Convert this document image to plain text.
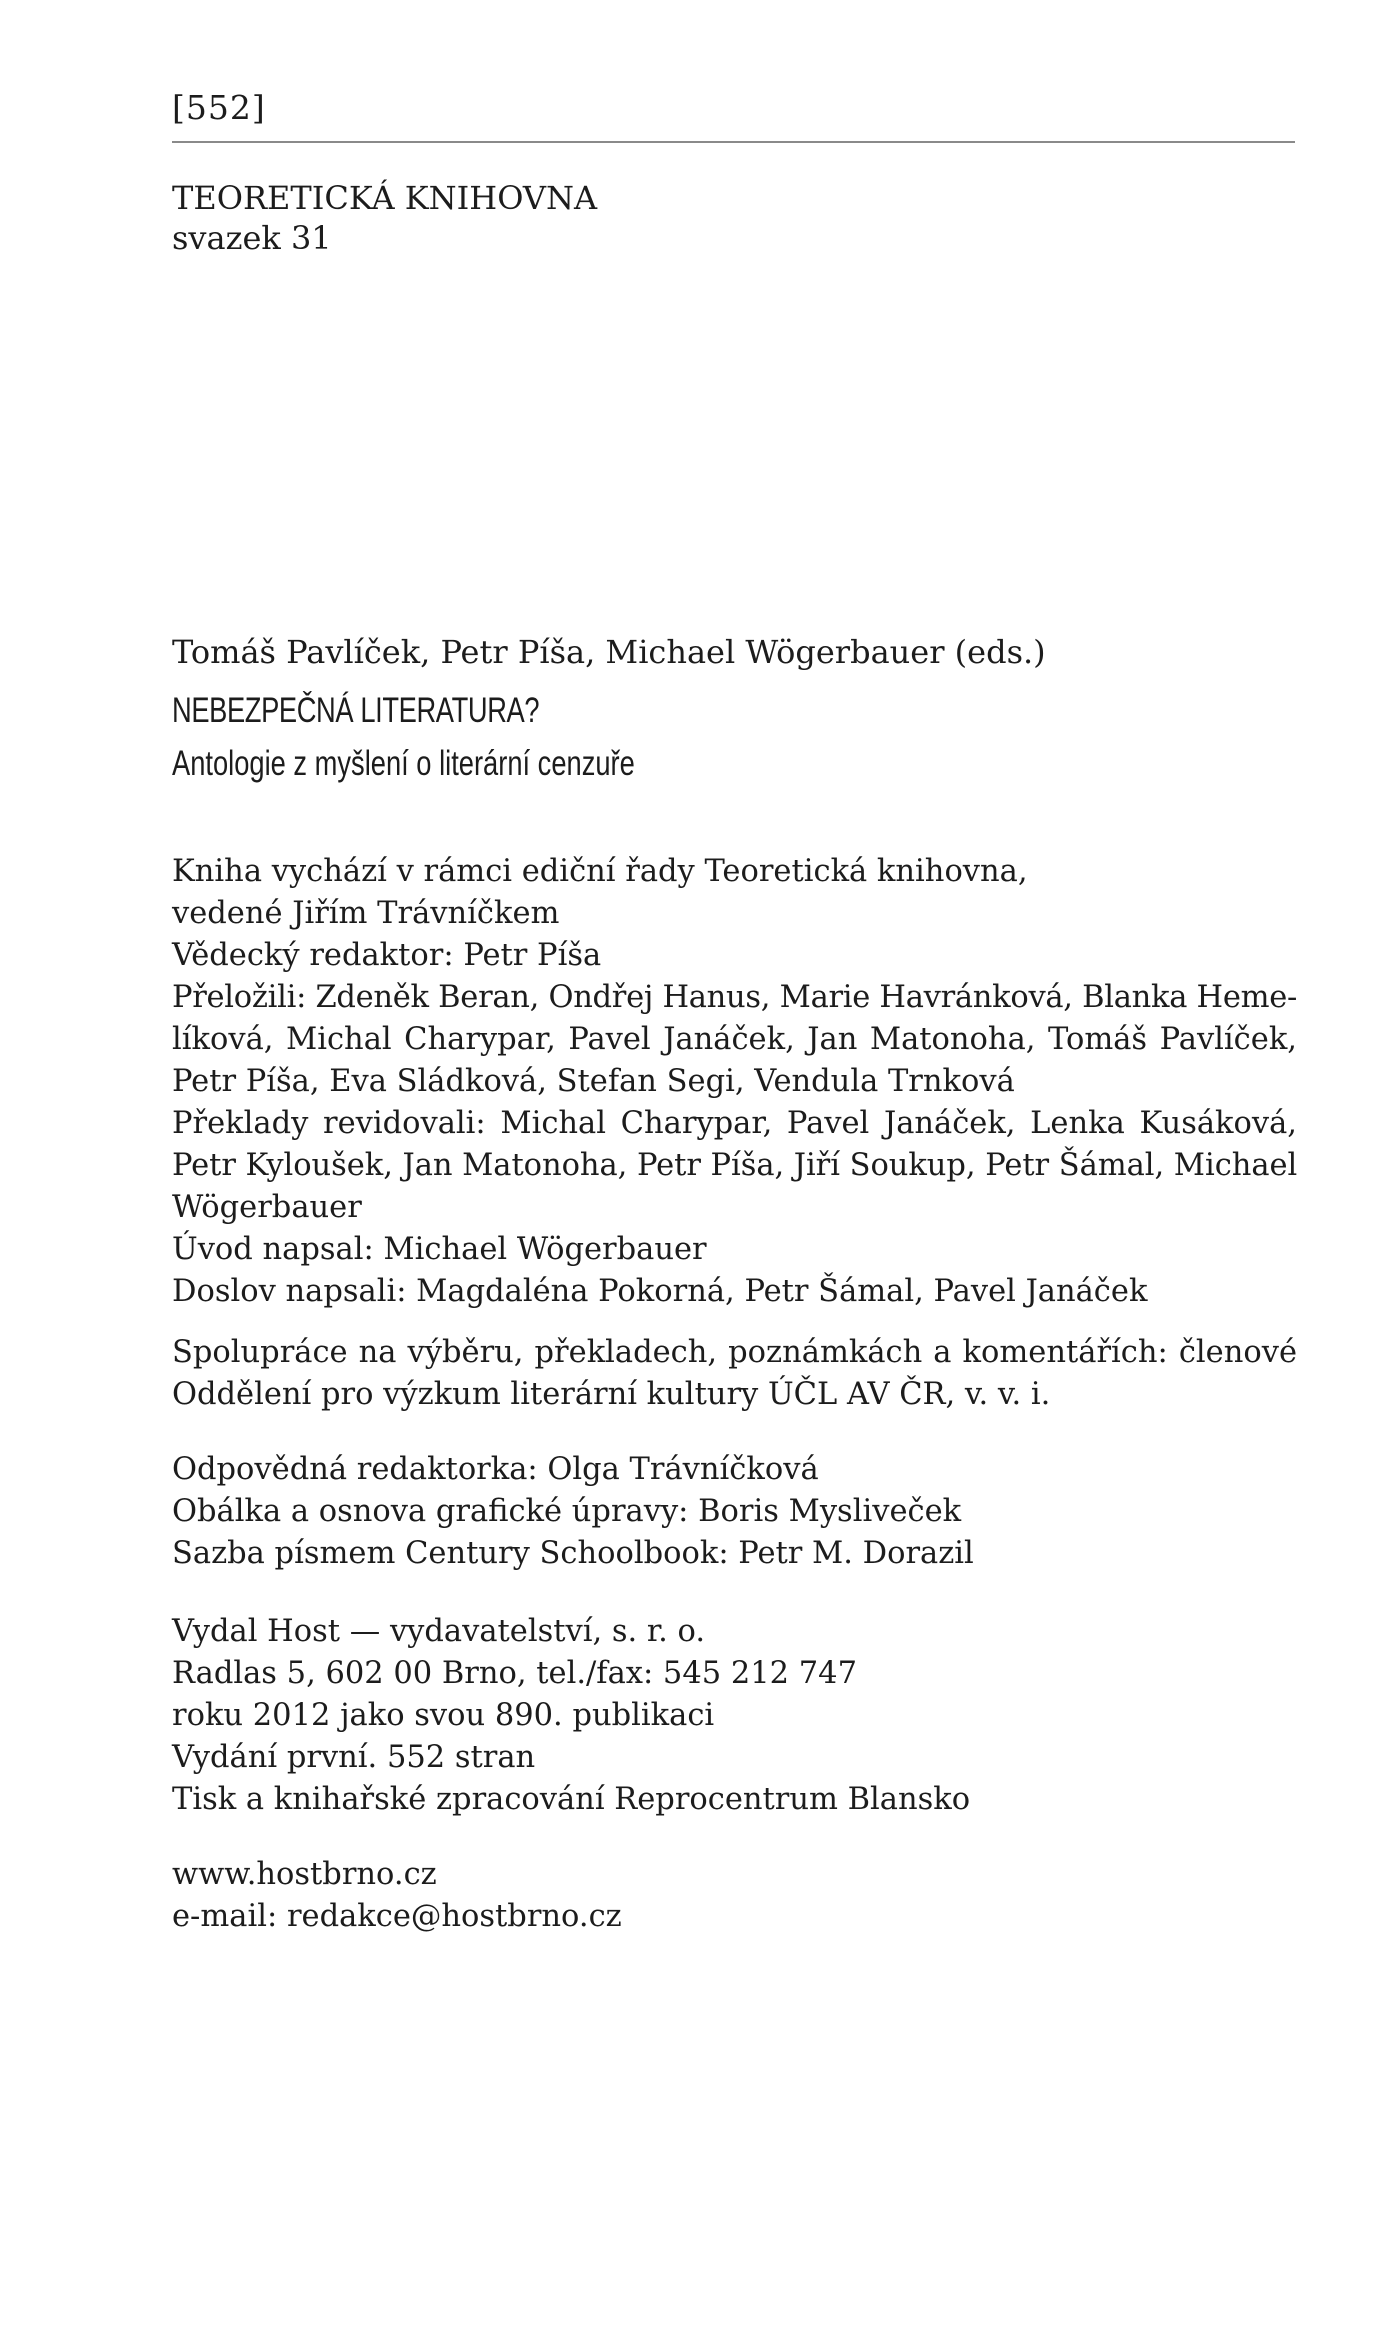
[552]
TEORETICKÁ KNIHOVNA
svazek 31
Tomáš Pavlíček, Petr Píša, Michael Wögerbauer (eds.)
NEBEZPEČNÁ LITERATURA?
Antologie z myšlení o literární cenzuře
Kniha vychází v rámci ediční řady Teoretická knihovna,
vedené Jiřím Trávníčkem
Vědecký redaktor: Petr Píša
Přeložili: Zdeněk Beran, Ondřej Hanus, Marie Havránková, Blanka Heme-
líková, Michal Charypar, Pavel Janáček, Jan Matonoha, Tomáš Pavlíček,
Petr Píša, Eva Sládková, Stefan Segi, Vendula Trnková
Překlady revidovali: Michal Charypar, Pavel Janáček, Lenka Kusáková,
Petr Kyloušek, Jan Matonoha, Petr Píša, Jiří Soukup, Petr Šámal, Michael
Wögerbauer
Úvod napsal: Michael Wögerbauer
Doslov napsali: Magdaléna Pokorná, Petr Šámal, Pavel Janáček
Spolupráce na výběru, překladech, poznámkách a komentářích: členové
Oddělení pro výzkum literární kultury ÚČL AV ČR, v. v. i.
Odpovědná redaktorka: Olga Trávníčková
Obálka a osnova grafické úpravy: Boris Mysliveček
Sazba písmem Century Schoolbook: Petr M. Dorazil
Vydal Host — vydavatelství, s. r. o.
Radlas 5, 602 00 Brno, tel./fax: 545 212 747
roku 2012 jako svou 890. publikaci
Vydání první. 552 stran
Tisk a knihařské zpracování Reprocentrum Blansko
www.hostbrno.cz
e-mail: redakce@hostbrno.cz
